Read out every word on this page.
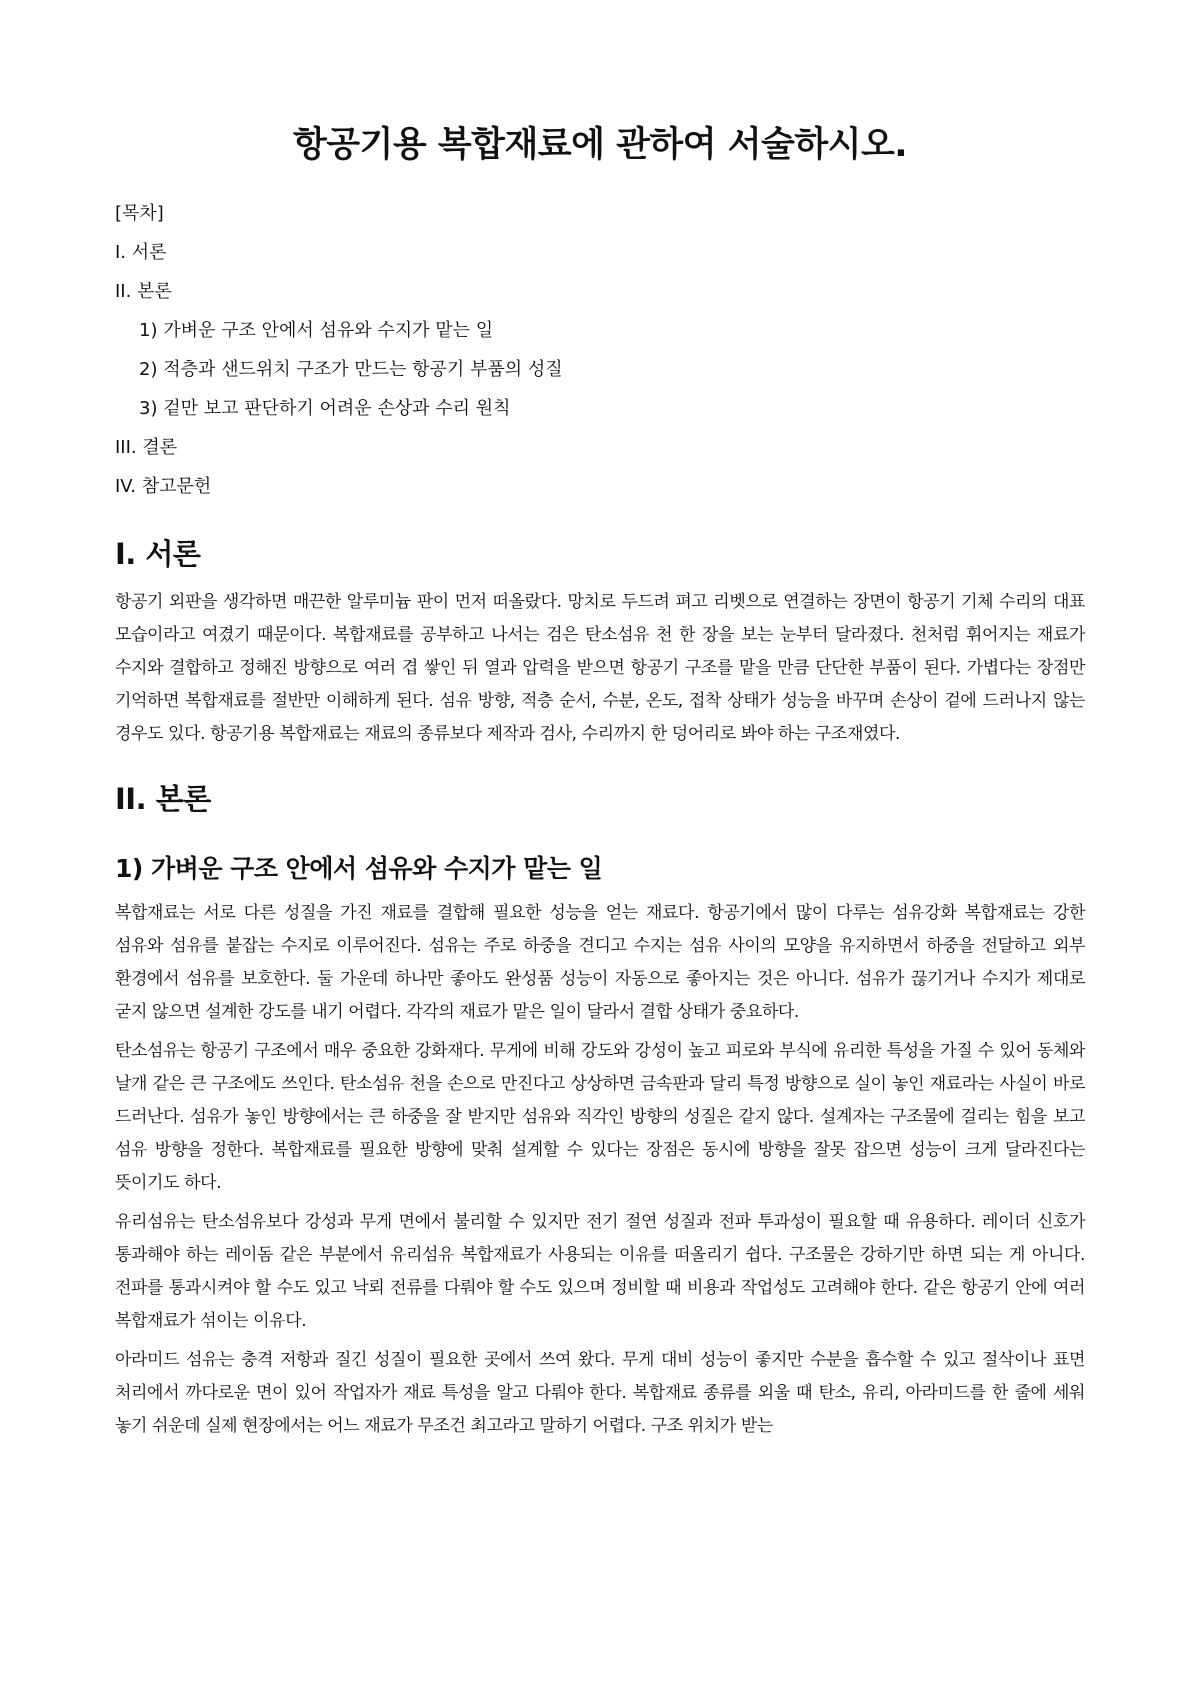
항공기용 복합재료에 관하여 서술하시오.
[목차]
I. 서론
II. 본론
1) 가벼운 구조 안에서 섬유와 수지가 맡는 일
2) 적층과 샌드위치 구조가 만드는 항공기 부품의 성질
3) 겉만 보고 판단하기 어려운 손상과 수리 원칙
III. 결론
IV. 참고문헌
I. 서론

항공기 외판을 생각하면 매끈한 알루미늄 판이 먼저 떠올랐다. 망치로 두드려 펴고 리벳으로 연결하는 장면이 항공기 기체 수리의 대표 모습이라고 여겼기 때문이다. 복합재료를 공부하고 나서는 검은 탄소섬유 천 한 장을 보는 눈부터 달라졌다. 천처럼 휘어지는 재료가 수지와 결합하고 정해진 방향으로 여러 겹 쌓인 뒤 열과 압력을 받으면 항공기 구조를 맡을 만큼 단단한 부품이 된다. 가볍다는 장점만 기억하면 복합재료를 절반만 이해하게 된다. 섬유 방향, 적층 순서, 수분, 온도, 접착 상태가 성능을 바꾸며 손상이 겉에 드러나지 않는 경우도 있다. 항공기용 복합재료는 재료의 종류보다 제작과 검사, 수리까지 한 덩어리로 봐야 하는 구조재였다.

II. 본론
1) 가벼운 구조 안에서 섬유와 수지가 맡는 일

복합재료는 서로 다른 성질을 가진 재료를 결합해 필요한 성능을 얻는 재료다. 항공기에서 많이 다루는 섬유강화 복합재료는 강한 섬유와 섬유를 붙잡는 수지로 이루어진다. 섬유는 주로 하중을 견디고 수지는 섬유 사이의 모양을 유지하면서 하중을 전달하고 외부 환경에서 섬유를 보호한다. 둘 가운데 하나만 좋아도 완성품 성능이 자동으로 좋아지는 것은 아니다. 섬유가 끊기거나 수지가 제대로 굳지 않으면 설계한 강도를 내기 어렵다. 각각의 재료가 맡은 일이 달라서 결합 상태가 중요하다.

탄소섬유는 항공기 구조에서 매우 중요한 강화재다. 무게에 비해 강도와 강성이 높고 피로와 부식에 유리한 특성을 가질 수 있어 동체와 날개 같은 큰 구조에도 쓰인다. 탄소섬유 천을 손으로 만진다고 상상하면 금속판과 달리 특정 방향으로 실이 놓인 재료라는 사실이 바로 드러난다. 섬유가 놓인 방향에서는 큰 하중을 잘 받지만 섬유와 직각인 방향의 성질은 같지 않다. 설계자는 구조물에 걸리는 힘을 보고 섬유 방향을 정한다. 복합재료를 필요한 방향에 맞춰 설계할 수 있다는 장점은 동시에 방향을 잘못 잡으면 성능이 크게 달라진다는 뜻이기도 하다.

유리섬유는 탄소섬유보다 강성과 무게 면에서 불리할 수 있지만 전기 절연 성질과 전파 투과성이 필요할 때 유용하다. 레이더 신호가 통과해야 하는 레이돔 같은 부분에서 유리섬유 복합재료가 사용되는 이유를 떠올리기 쉽다. 구조물은 강하기만 하면 되는 게 아니다. 전파를 통과시켜야 할 수도 있고 낙뢰 전류를 다뤄야 할 수도 있으며 정비할 때 비용과 작업성도 고려해야 한다. 같은 항공기 안에 여러 복합재료가 섞이는 이유다.

아라미드 섬유는 충격 저항과 질긴 성질이 필요한 곳에서 쓰여 왔다. 무게 대비 성능이 좋지만 수분을 흡수할 수 있고 절삭이나 표면 처리에서 까다로운 면이 있어 작업자가 재료 특성을 알고 다뤄야 한다. 복합재료 종류를 외울 때 탄소, 유리, 아라미드를 한 줄에 세워 놓기 쉬운데 실제 현장에서는 어느 재료가 무조건 최고라고 말하기 어렵다. 구조 위치가 받는
